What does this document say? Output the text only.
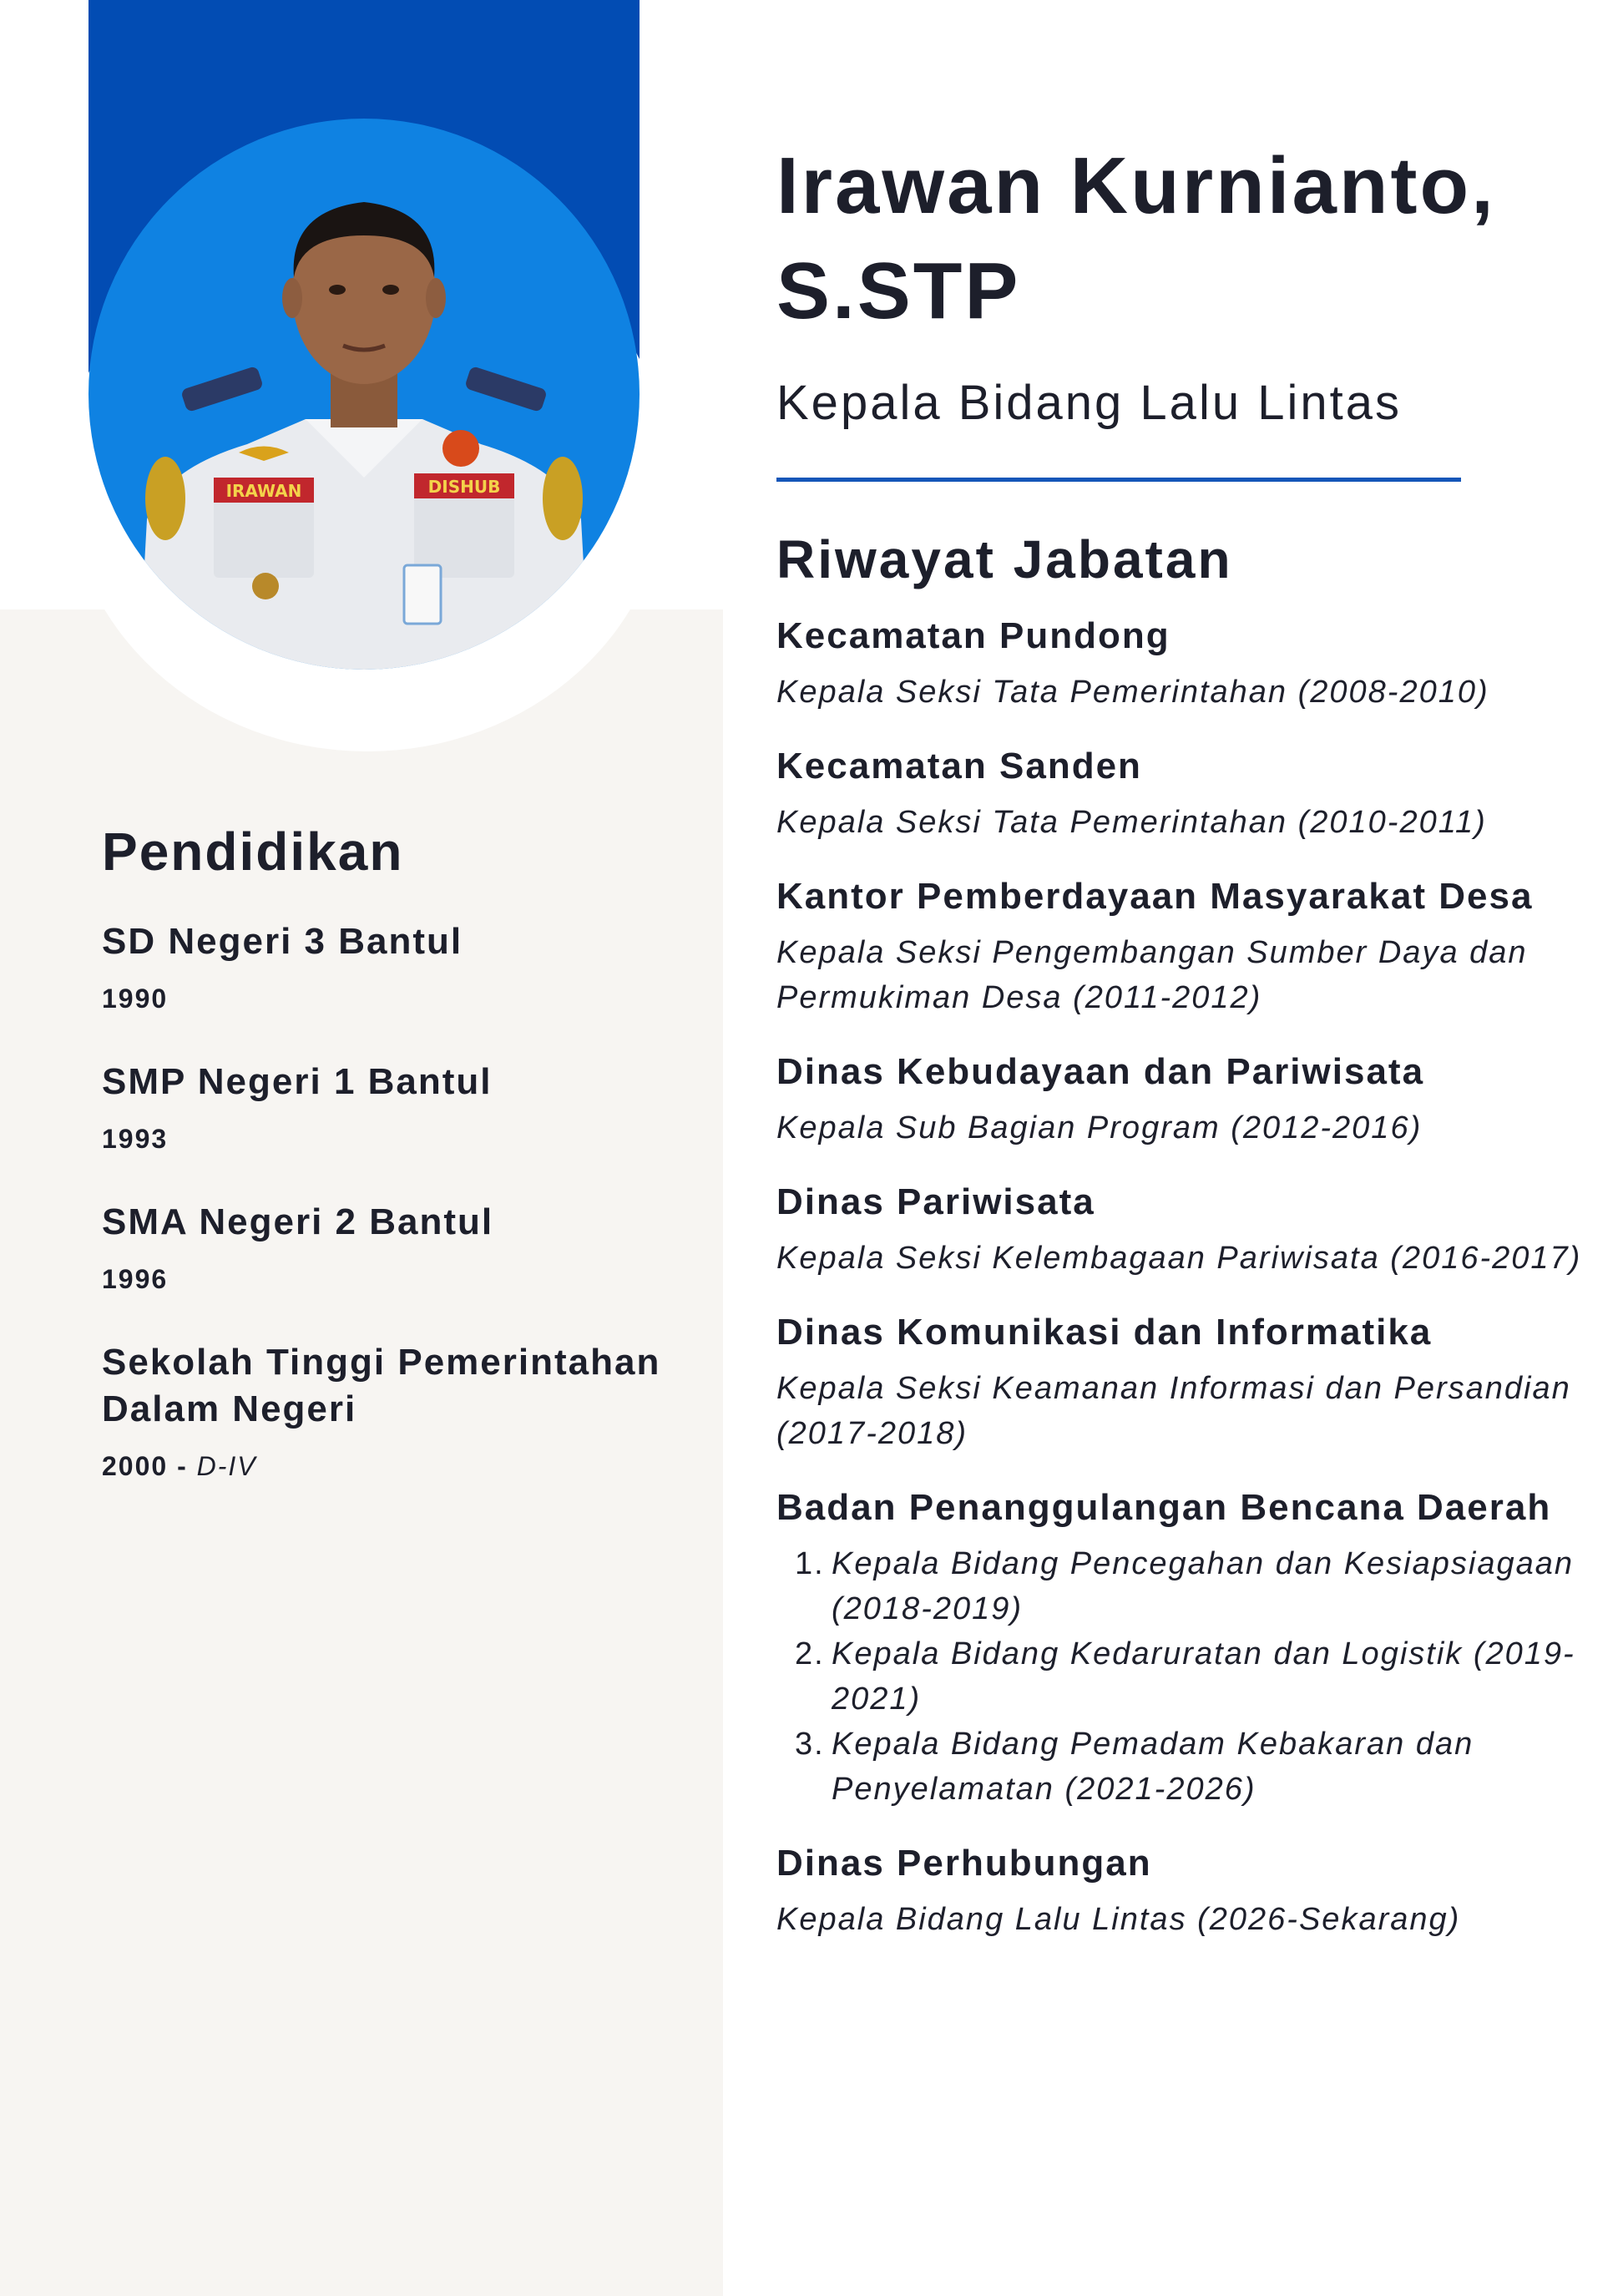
IRAWAN	DISHUB
Irawan Kurnianto, S.STP

Kepala Bidang Lalu Lintas

Pendidikan

SD Negeri 3 Bantul

1990

SMP Negeri 1 Bantul

1993

SMA Negeri 2 Bantul

1996

Sekolah Tinggi Pemerintahan Dalam Negeri

2000 - D-IV

Riwayat Jabatan

Kecamatan Pundong

Kepala Seksi Tata Pemerintahan (2008-2010)

Kecamatan Sanden

Kepala Seksi Tata Pemerintahan (2010-2011)

Kantor Pemberdayaan Masyarakat Desa

Kepala Seksi Pengembangan Sumber Daya dan Permukiman Desa (2011-2012)

Dinas Kebudayaan dan Pariwisata

Kepala Sub Bagian Program (2012-2016)

Dinas Pariwisata

Kepala Seksi Kelembagaan Pariwisata (2016-2017)

Dinas Komunikasi dan Informatika

Kepala Seksi Keamanan Informasi dan Persandian (2017-2018)

Badan Penanggulangan Bencana Daerah

1. Kepala Bidang Pencegahan dan Kesiapsiagaan (2018-2019)
2. Kepala Bidang Kedaruratan dan Logistik (2019-2021)
3. Kepala Bidang Pemadam Kebakaran dan Penyelamatan (2021-2026)

Dinas Perhubungan

Kepala Bidang Lalu Lintas (2026-Sekarang)
